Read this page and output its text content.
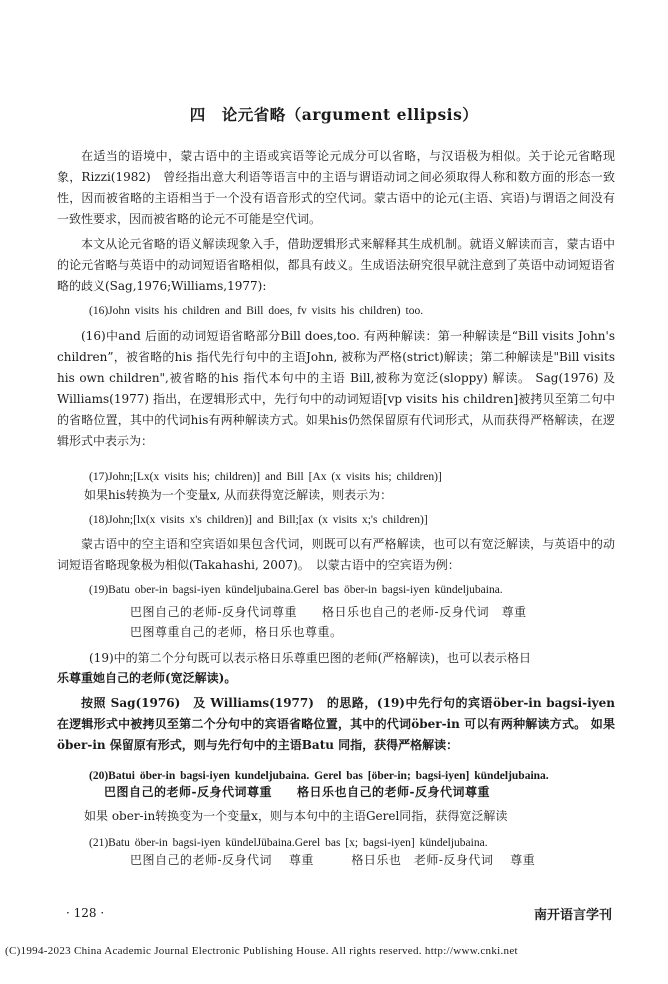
四　论元省略（argument ellipsis）
在适当的语境中，蒙古语中的主语或宾语等论元成分可以省略，与汉语极为相似。关于论元省略现象，Rizzi(1982)　曾经指出意大利语等语言中的主语与谓语动词之间必须取得人称和数方面的形态一致性，因而被省略的主语相当于一个没有语音形式的空代词。蒙古语中的论元(主语、宾语)与谓语之间没有一致性要求，因而被省略的论元不可能是空代词。
本文从论元省略的语义解读现象入手，借助逻辑形式来解释其生成机制。就语义解读而言，蒙古语中的论元省略与英语中的动词短语省略相似，都具有歧义。生成语法研究很早就注意到了英语中动词短语省略的歧义(Sag,1976;Williams,1977):
(16)John visits his children and Bill does, fv visits his children) too.
(16)中and 后面的动词短语省略部分Bill does,too. 有两种解读：第一种解读是“Bill visits John's children”，被省略的his 指代先行句中的主语John, 被称为严格(strict)解读；第二种解读是"Bill visits his own children",被省略的his 指代本句中的主语 Bill,被称为宽泛(sloppy) 解读。 Sag(1976) 及 Williams(1977) 指出，在逻辑形式中，先行句中的动词短语[vp visits his children]被拷贝至第二句中的省略位置，其中的代词his有两种解读方式。如果his仍然保留原有代词形式，从而获得严格解读，在逻辑形式中表示为：
(17)John;[Lx(x visits his; children)] and Bill [Ax (x visits his; children)]
如果his转换为一个变量x, 从而获得宽泛解读，则表示为：
(18)John;[lx(x visits x's children)] and Bill;[ax (x visits x;'s children)]
蒙古语中的空主语和空宾语如果包含代词，则既可以有严格解读，也可以有宽泛解读，与英语中的动词短语省略现象极为相似(Takahashi, 2007)。　以蒙古语中的空宾语为例：
(19)Batu ober-in bagsi-iyen kündeljubaina.Gerel bas öber-in bagsi-iyen kündeljubaina.
巴图自己的老师-反身代词尊重　　格日乐也自己的老师-反身代词　尊重
巴图尊重自己的老师，格日乐也尊重。
(19)中的第二个分句既可以表示格日乐尊重巴图的老师(严格解读)，也可以表示格日
乐尊重她自己的老师(宽泛解读)。
按照 Sag(1976)　及 Williams(1977)　的思路，(19)中先行句的宾语öber-in bagsi-iyen 在逻辑形式中被拷贝至第二个分句中的宾语省略位置，其中的代词öber-in 可以有两种解读方式。 如果 öber-in 保留原有形式，则与先行句中的主语Batu 同指，获得严格解读：
(20)Batui öber-in bagsi-iyen kundeljubaina. Gerel bas [öber-in; bagsi-iyen] kündeljubaina.
巴图自己的老师-反身代词尊重　　格日乐也自己的老师-反身代词尊重
如果 ober-in转换变为一个变量x，则与本句中的主语Gerel同指，获得宽泛解读
(21)Batu öber-in bagsi-iyen kündelJübaina.Gerel bas [x; bagsi-iyen] kündeljubaina.
巴图自己的老师-反身代词　 尊重　　　格日乐也　老师-反身代词　 尊重
· 128 ·	南开语言学刊
(C)1994-2023 China Academic Journal Electronic Publishing House. All rights reserved. http://www.cnki.net
